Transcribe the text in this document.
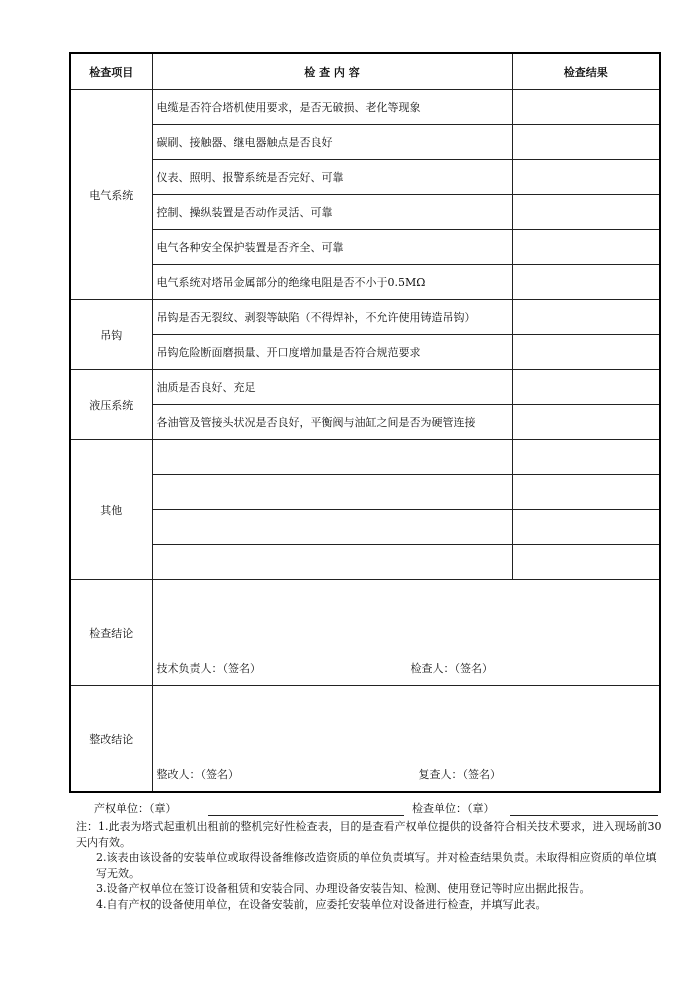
检查项目	检 查 内 容	检查结果
电气系统	电缆是否符合塔机使用要求，是否无破损、老化等现象	
	碳刷、接触器、继电器触点是否良好	
	仪表、照明、报警系统是否完好、可靠	
	控制、操纵装置是否动作灵活、可靠	
	电气各种安全保护装置是否齐全、可靠	
	电气系统对塔吊金属部分的绝缘电阻是否不小于0.5MΩ	
吊钩	吊钩是否无裂纹、剥裂等缺陷（不得焊补，不允许使用铸造吊钩）	
	吊钩危险断面磨损量、开口度增加量是否符合规范要求	
液压系统	油质是否良好、充足	
	各油管及管接头状况是否良好，平衡阀与油缸之间是否为硬管连接	
其他		

检查结论	技术负责人：（签名） 检查人：（签名）	

整改结论	整改人：（签名） 复查人：（签名）	
产权单位：（章）	检查单位：（章）

注：1.此表为塔式起重机出租前的整机完好性检查表，目的是查看产权单位提供的设备符合相关技术要求，进入现场前30天内有效。

2.该表由该设备的安装单位或取得设备维修改造资质的单位负责填写。并对检查结果负责。未取得相应资质的单位填写无效。

3.设备产权单位在签订设备租赁和安装合同、办理设备安装告知、检测、使用登记等时应出据此报告。

4.自有产权的设备使用单位，在设备安装前，应委托安装单位对设备进行检查，并填写此表。
